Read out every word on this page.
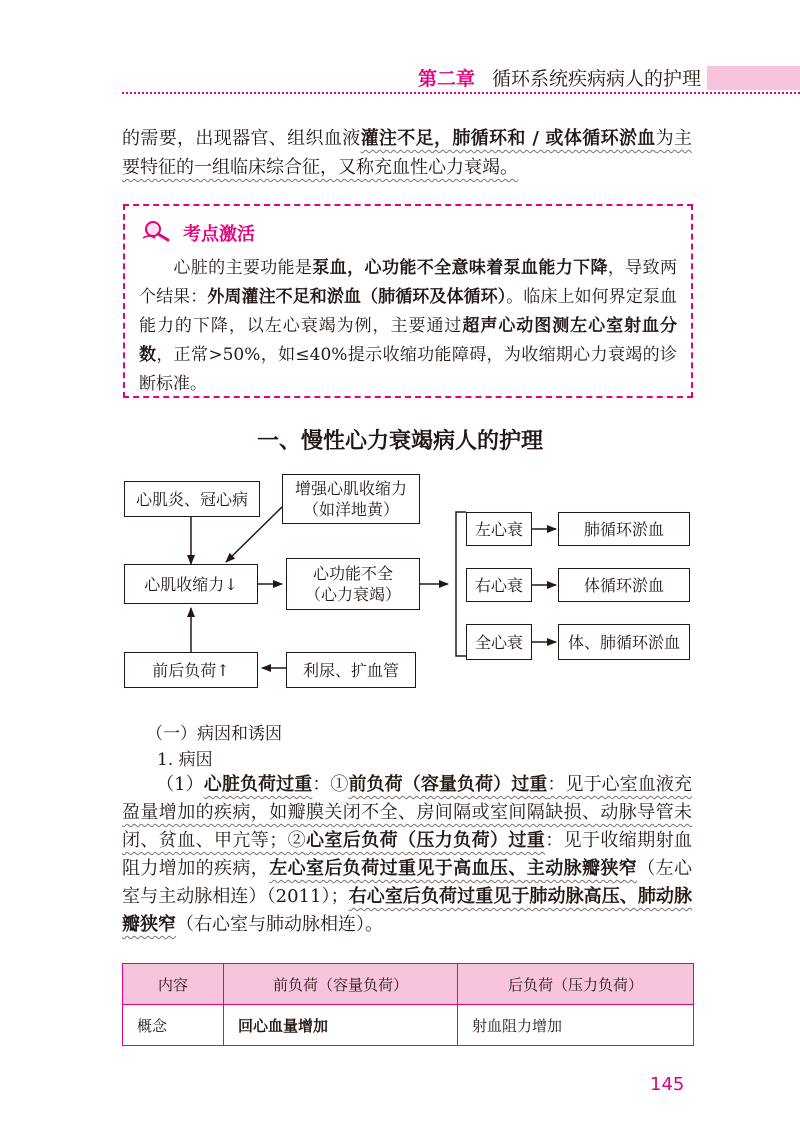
第二章 循环系统疾病病人的护理
的需要，出现器官、组织血液灌注不足，肺循环和 / 或体循环淤血为主要特征的一组临床综合征，又称充血性心力衰竭。
考点激活
心脏的主要功能是泵血，心功能不全意味着泵血能力下降，导致两个结果：外周灌注不足和淤血（肺循环及体循环）。临床上如何界定泵血能力的下降，以左心衰竭为例，主要通过超声心动图测左心室射血分数，正常>50%，如≤40%提示收缩功能障碍，为收缩期心力衰竭的诊断标准。
一、慢性心力衰竭病人的护理
心肌炎、冠心病
增强心肌收缩力
（如洋地黄）
心肌收缩力↓
心功能不全
（心力衰竭）
前后负荷↑	利尿、扩血管
左心衰
右心衰
全心衰
肺循环淤血
体循环淤血
体、肺循环淤血
（一）病因和诱因
1. 病因
（1）心脏负荷过重：①前负荷（容量负荷）过重：见于心室血液充盈量增加的疾病，如瓣膜关闭不全、房间隔或室间隔缺损、动脉导管未闭、贫血、甲亢等；②心室后负荷（压力负荷）过重：见于收缩期射血阻力增加的疾病，左心室后负荷过重见于高血压、主动脉瓣狭窄（左心室与主动脉相连）（2011）；右心室后负荷过重见于肺动脉高压、肺动脉瓣狭窄（右心室与肺动脉相连）。
内容	前负荷（容量负荷）	后负荷（压力负荷）
概念	回心血量增加	射血阻力增加
145
